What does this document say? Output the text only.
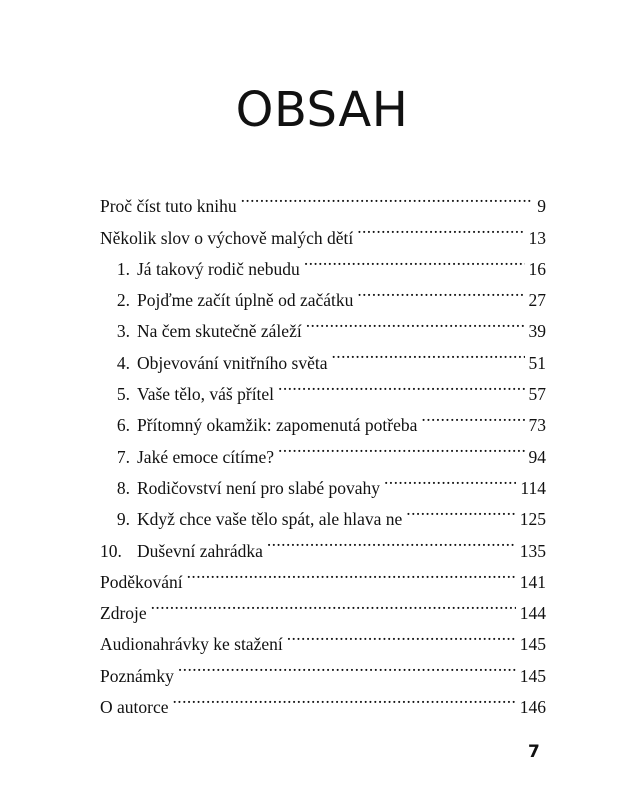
OBSAH
Proč číst tuto knihu .....	9
Několik slov o výchově malých dětí .....	13
1. Já takový rodič nebudu .....	16
2. Pojďme začít úplně od začátku .....	27
3. Na čem skutečně záleží .....	39
4. Objevování vnitřního světa .....	51
5. Vaše tělo, váš přítel .....	57
6. Přítomný okamžik: zapomenutá potřeba .....	73
7. Jaké emoce cítíme? .....	94
8. Rodičovství není pro slabé povahy .....	114
9. Když chce vaše tělo spát, ale hlava ne .....	125
10. Duševní zahrádka .....	135
Poděkování .....	141
Zdroje .....	144
Audionahrávky ke stažení .....	145
Poznámky .....	145
O autorce .....	146
7
